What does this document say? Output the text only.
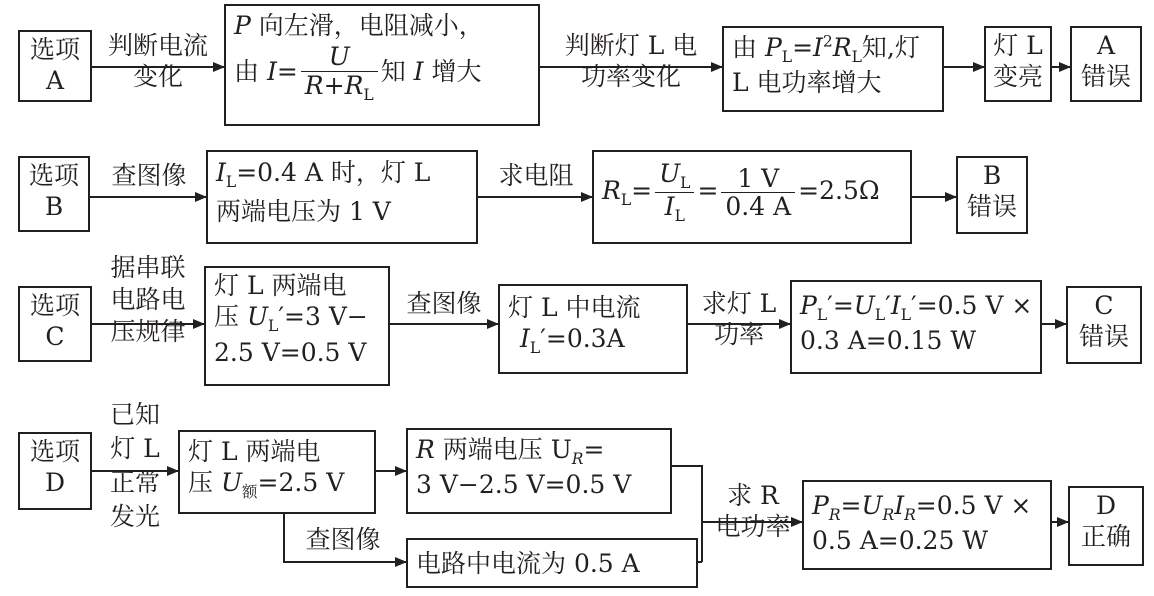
选项
A
判断电流
变化
P 向左滑，电阻减小，
由 $I= \frac{U}{R+R_L}$ 知 I 增大
判断灯 L 电
功率变化
由 $P_L=I^2R_L$知,灯
L 电功率增大
灯 L
变亮
A
错误
选项
B
查图像	$I_L=0.4$ A 时，灯 L
两端电压为 1 V
求电阻
$R_L= \frac{U_L}{I_L} = \frac{1 V}{0.4 A} =2.5\Omega$
B
错误
选项
C
据串联
电路电
压规律
灯 L 两端电
压 $U_L'=3$ V−
2.5 V=0.5 V
查图像	灯 L 中电流
$I_L'=0.3A$
求灯 L
功率
$P_L'=U_L'I_L'=0.5$ V ×
0.3 A=0.15 W
C
错误
选项
D
已知
灯 L
正常
发光
灯 L 两端电
压 $U_额=2.5$ V
R 两端电压 $U_R=$
3 V−2.5 V=0.5 V
查图像
电路中电流为 0.5 A
求 R
电功率
$P_R=U_RI_R=0.5$ V ×
0.5 A=0.25 W
D
正确
